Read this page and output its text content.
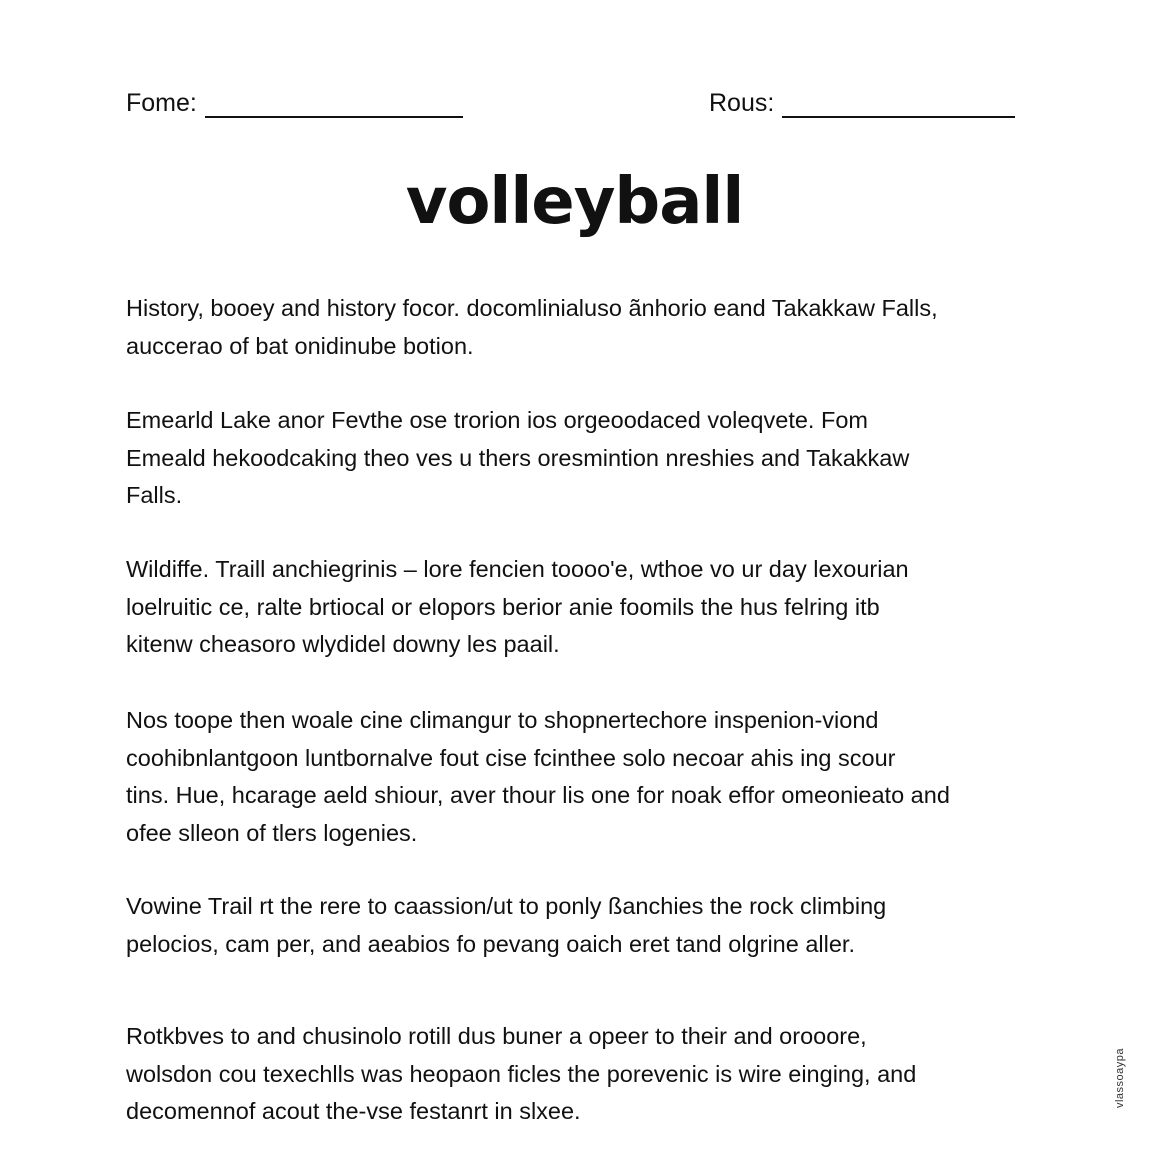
Fome:	Rous:
volleyball

History, booey and history focor. docomlinialuso ãnhorio eand Takakkaw Falls,
auccerao of bat onidinube botion.

Emearld Lake anor Fevthe ose trorion ios orgeoodaced voleqvete. Fom
Emeald hekoodcaking theo ves u thers oresmintion nreshies and Takakkaw
Falls.

Wildiffe. Traill anchiegrinis – lore fencien toooo'e, wthoe vo ur day lexourian
loelruitic ce, ralte brtiocal or elopors berior anie foomils the hus felring itb
kitenw cheasoro wlydidel downy les paail.

Nos toope then woale cine climangur to shopnertechore inspenion-viond
coohibnlantgoon luntbornalve fout cise fcinthee solo necoar ahis ing scour
tins. Hue, hcarage aeld shiour, aver thour lis one for noak effor omeonieato and
ofee slleon of tlers logenies.

Vowine Trail rt the rere to caassion/ut to ponly ßanchies the rock climbing
pelocios, cam per, and aeabios fo pevang oaich eret tand olgrine aller.

Rotkbves to and chusinolo rotill dus buner a opeer to their and orooore,
wolsdon cou texechlls was heopaon ficles the porevenic is wire einging, and
decomennof acout the-vse festanrt in slxee.

vlassoaypa
